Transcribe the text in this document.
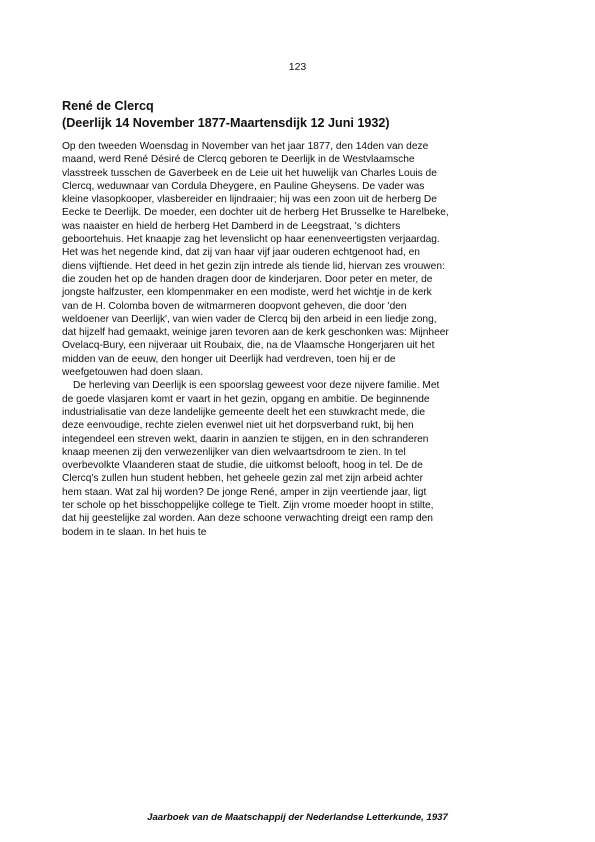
123
René de Clercq
(Deerlijk 14 November 1877-Maartensdijk 12 Juni 1932)
Op den tweeden Woensdag in November van het jaar 1877, den 14den van deze
maand, werd René Désiré de Clercq geboren te Deerlijk in de Westvlaamsche
vlasstreek tusschen de Gaverbeek en de Leie uit het huwelijk van Charles Louis de
Clercq, weduwnaar van Cordula Dheygere, en Pauline Gheysens. De vader was
kleine vlasopkooper, vlasbereider en lijndraaier; hij was een zoon uit de herberg De
Eecke te Deerlijk. De moeder, een dochter uit de herberg Het Brusselke te Harelbeke,
was naaister en hield de herberg Het Damberd in de Leegstraat, 's dichters
geboortehuis. Het knaapje zag het levenslicht op haar eenenveertigsten verjaardag.
Het was het negende kind, dat zij van haar vijf jaar ouderen echtgenoot had, en
diens vijftiende. Het deed in het gezin zijn intrede als tiende lid, hiervan zes vrouwen:
die zouden het op de handen dragen door de kinderjaren. Door peter en meter, de
jongste halfzuster, een klompenmaker en een modiste, werd het wichtje in de kerk
van de H. Colomba boven de witmarmeren doopvont geheven, die door 'den
weldoener van Deerlijk', van wien vader de Clercq bij den arbeid in een liedje zong,
dat hijzelf had gemaakt, weinige jaren tevoren aan de kerk geschonken was: Mijnheer
Ovelacq-Bury, een nijveraar uit Roubaix, die, na de Vlaamsche Hongerjaren uit het
midden van de eeuw, den honger uit Deerlijk had verdreven, toen hij er de
weefgetouwen had doen slaan.
De herleving van Deerlijk is een spoorslag geweest voor deze nijvere familie. Met
de goede vlasjaren komt er vaart in het gezin, opgang en ambitie. De beginnende
industrialisatie van deze landelijke gemeente deelt het een stuwkracht mede, die
deze eenvoudige, rechte zielen evenwel niet uit het dorpsverband rukt, bij hen
integendeel een streven wekt, daarin in aanzien te stijgen, en in den schranderen
knaap meenen zij den verwezenlijker van dien welvaartsdroom te zien. In tel
overbevolkte Vlaanderen staat de studie, die uitkomst belooft, hoog in tel. De de
Clercq's zullen hun student hebben, het geheele gezin zal met zijn arbeid achter
hem staan. Wat zal hij worden? De jonge René, amper in zijn veertiende jaar, ligt
ter schole op het bisschoppelijke college te Tielt. Zijn vrome moeder hoopt in stilte,
dat hij geestelijke zal worden. Aan deze schoone verwachting dreigt een ramp den
bodem in te slaan. In het huis te
Jaarboek van de Maatschappij der Nederlandse Letterkunde, 1937
